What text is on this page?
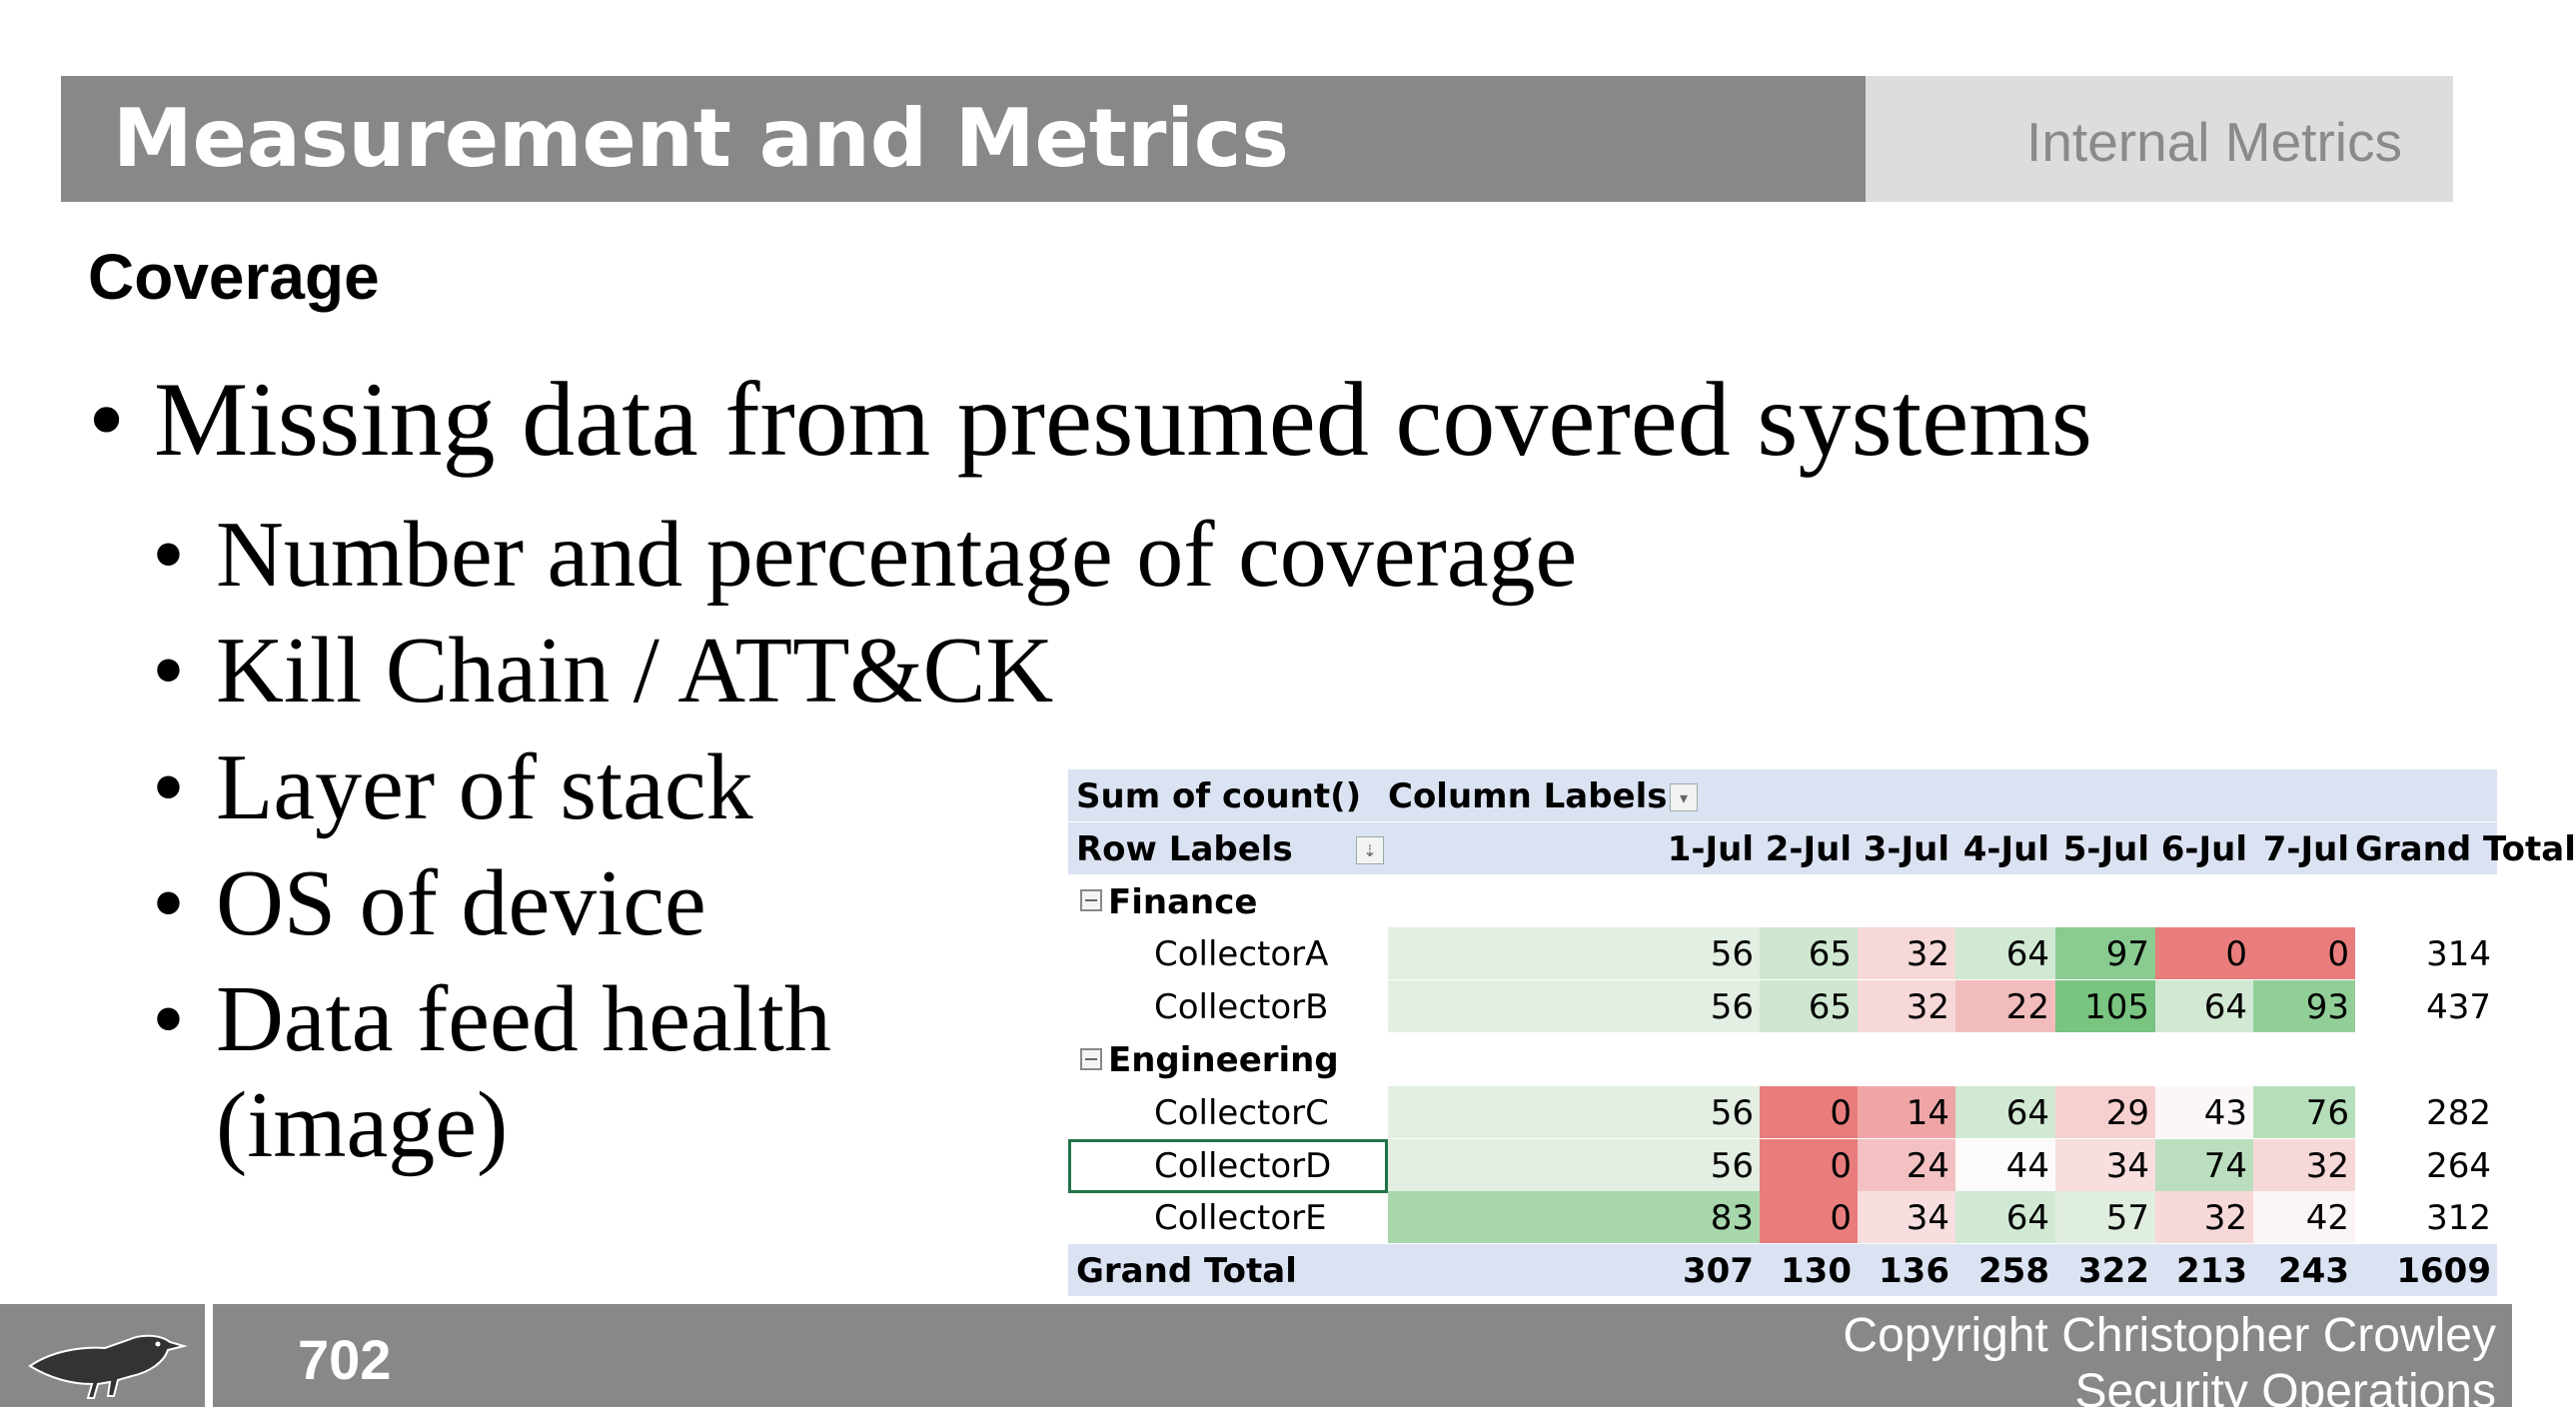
Measurement and Metrics	Internal Metrics
Coverage
• Missing data from presumed covered systems
• Number and percentage of coverage
• Kill Chain / ATT&CK
• Layer of stack
• OS of device
• Data feed health
(image)
Sum of count() Column Labels ▾
Row Labels	⇣	1-Jul 2-Jul 3-Jul 4-Jul 5-Jul 6-Jul 7-Jul Grand Total
Finance
CollectorA	56	65	32	64	97	0	0	314
CollectorB	56	65	32	22	105	64	93	437
Engineering
CollectorC	56	0	14	64	29	43	76	282
CollectorD	56	0	24	44	34	74	32	264
CollectorE	83	0	34	64	57	32	42	312
Grand Total	307 130 136 258 322 213 243	1609
702	Copyright Christopher Crowley
Security Operations
